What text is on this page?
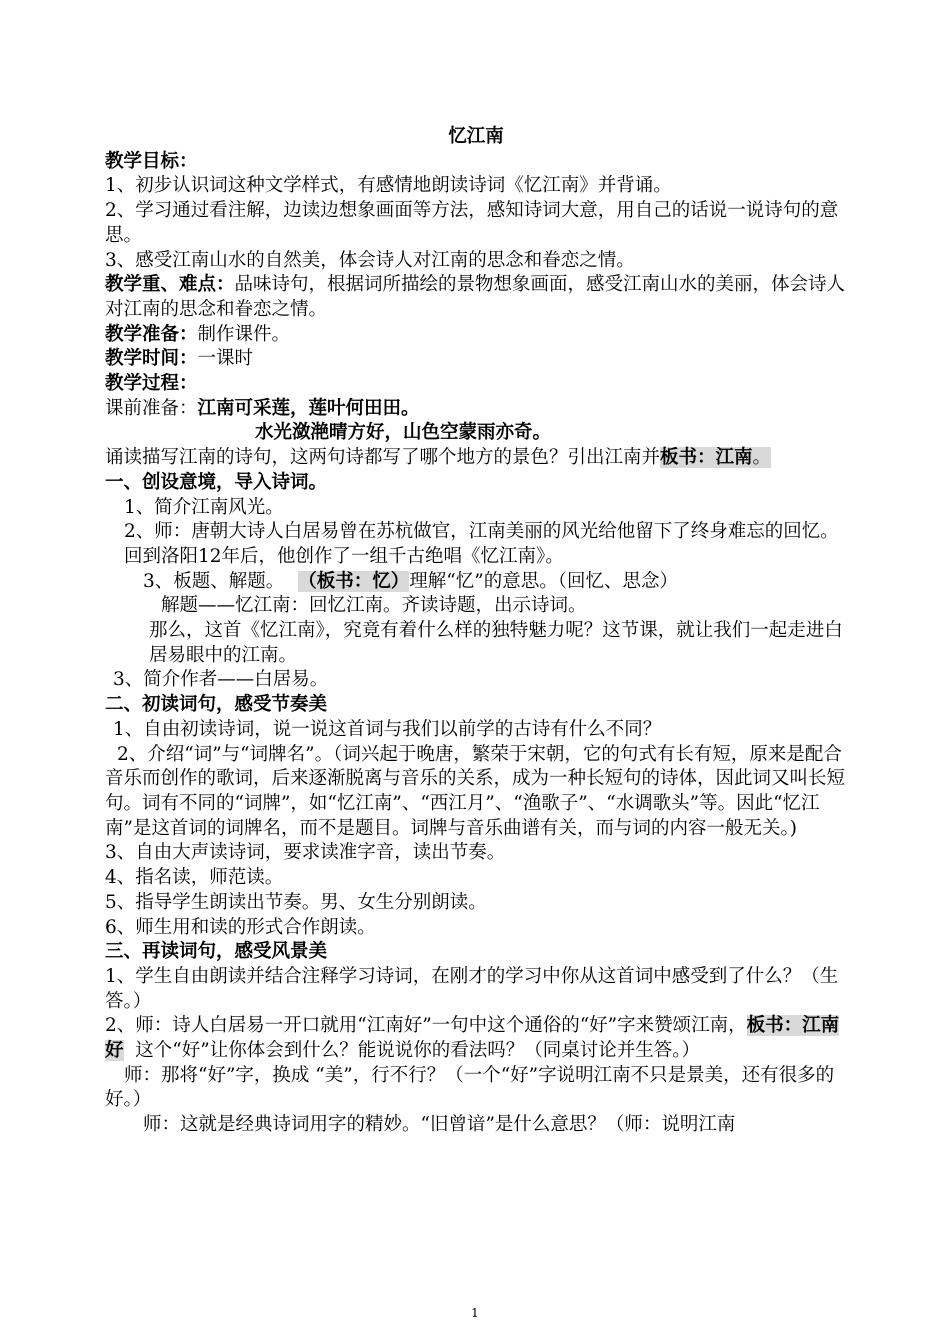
忆江南

教学目标：

1、初步认识词这种文学样式，有感情地朗读诗词《忆江南》并背诵。

2、学习通过看注解，边读边想象画面等方法，感知诗词大意，用自己的话说一说诗句的意思。

3、感受江南山水的自然美，体会诗人对江南的思念和眷恋之情。

教学重、难点：品味诗句，根据词所描绘的景物想象画面，感受江南山水的美丽，体会诗人对江南的思念和眷恋之情。

教学准备：制作课件。

教学时间：一课时

教学过程：

课前准备：江南可采莲，莲叶何田田。

水光潋滟晴方好，山色空蒙雨亦奇。

诵读描写江南的诗句，这两句诗都写了哪个地方的景色？引出江南并板书：江南。

一、创设意境，导入诗词。

1、简介江南风光。

2、师：唐朝大诗人白居易曾在苏杭做官，江南美丽的风光给他留下了终身难忘的回忆。回到洛阳12年后，他创作了一组千古绝唱《忆江南》。

3、板题、解题。 （板书：忆）理解“忆”的意思。（回忆、思念）

解题——忆江南：回忆江南。齐读诗题，出示诗词。

那么，这首《忆江南》，究竟有着什么样的独特魅力呢？这节课，就让我们一起走进白居易眼中的江南。

3、简介作者——白居易。

二、初读词句，感受节奏美

1、自由初读诗词，说一说这首词与我们以前学的古诗有什么不同？

2、介绍“词”与“词牌名”。（词兴起于晚唐，繁荣于宋朝，它的句式有长有短，原来是配合音乐而创作的歌词，后来逐渐脱离与音乐的关系，成为一种长短句的诗体，因此词又叫长短句。词有不同的“词牌”，如“忆江南”、“西江月”、“渔歌子”、“水调歌头”等。因此“忆江南”是这首词的词牌名，而不是题目。词牌与音乐曲谱有关，而与词的内容一般无关。)

3、自由大声读诗词，要求读准字音，读出节奏。

4、指名读，师范读。

5、指导学生朗读出节奏。男、女生分别朗读。

6、师生用和读的形式合作朗读。

三、再读词句，感受风景美

1、学生自由朗读并结合注释学习诗词，在刚才的学习中你从这首词中感受到了什么？（生答。）

2、师：诗人白居易一开口就用“江南好”一句中这个通俗的“好”字来赞颂江南，板书：江南好  这个“好”让你体会到什么？能说说你的看法吗？（同桌讨论并生答。）

师：那将“好”字，换成 “美”，行不行？（一个“好”字说明江南不只是景美，还有很多的好。）

师：这就是经典诗词用字的精妙。“旧曾谙”是什么意思？（师：说明江南

1
